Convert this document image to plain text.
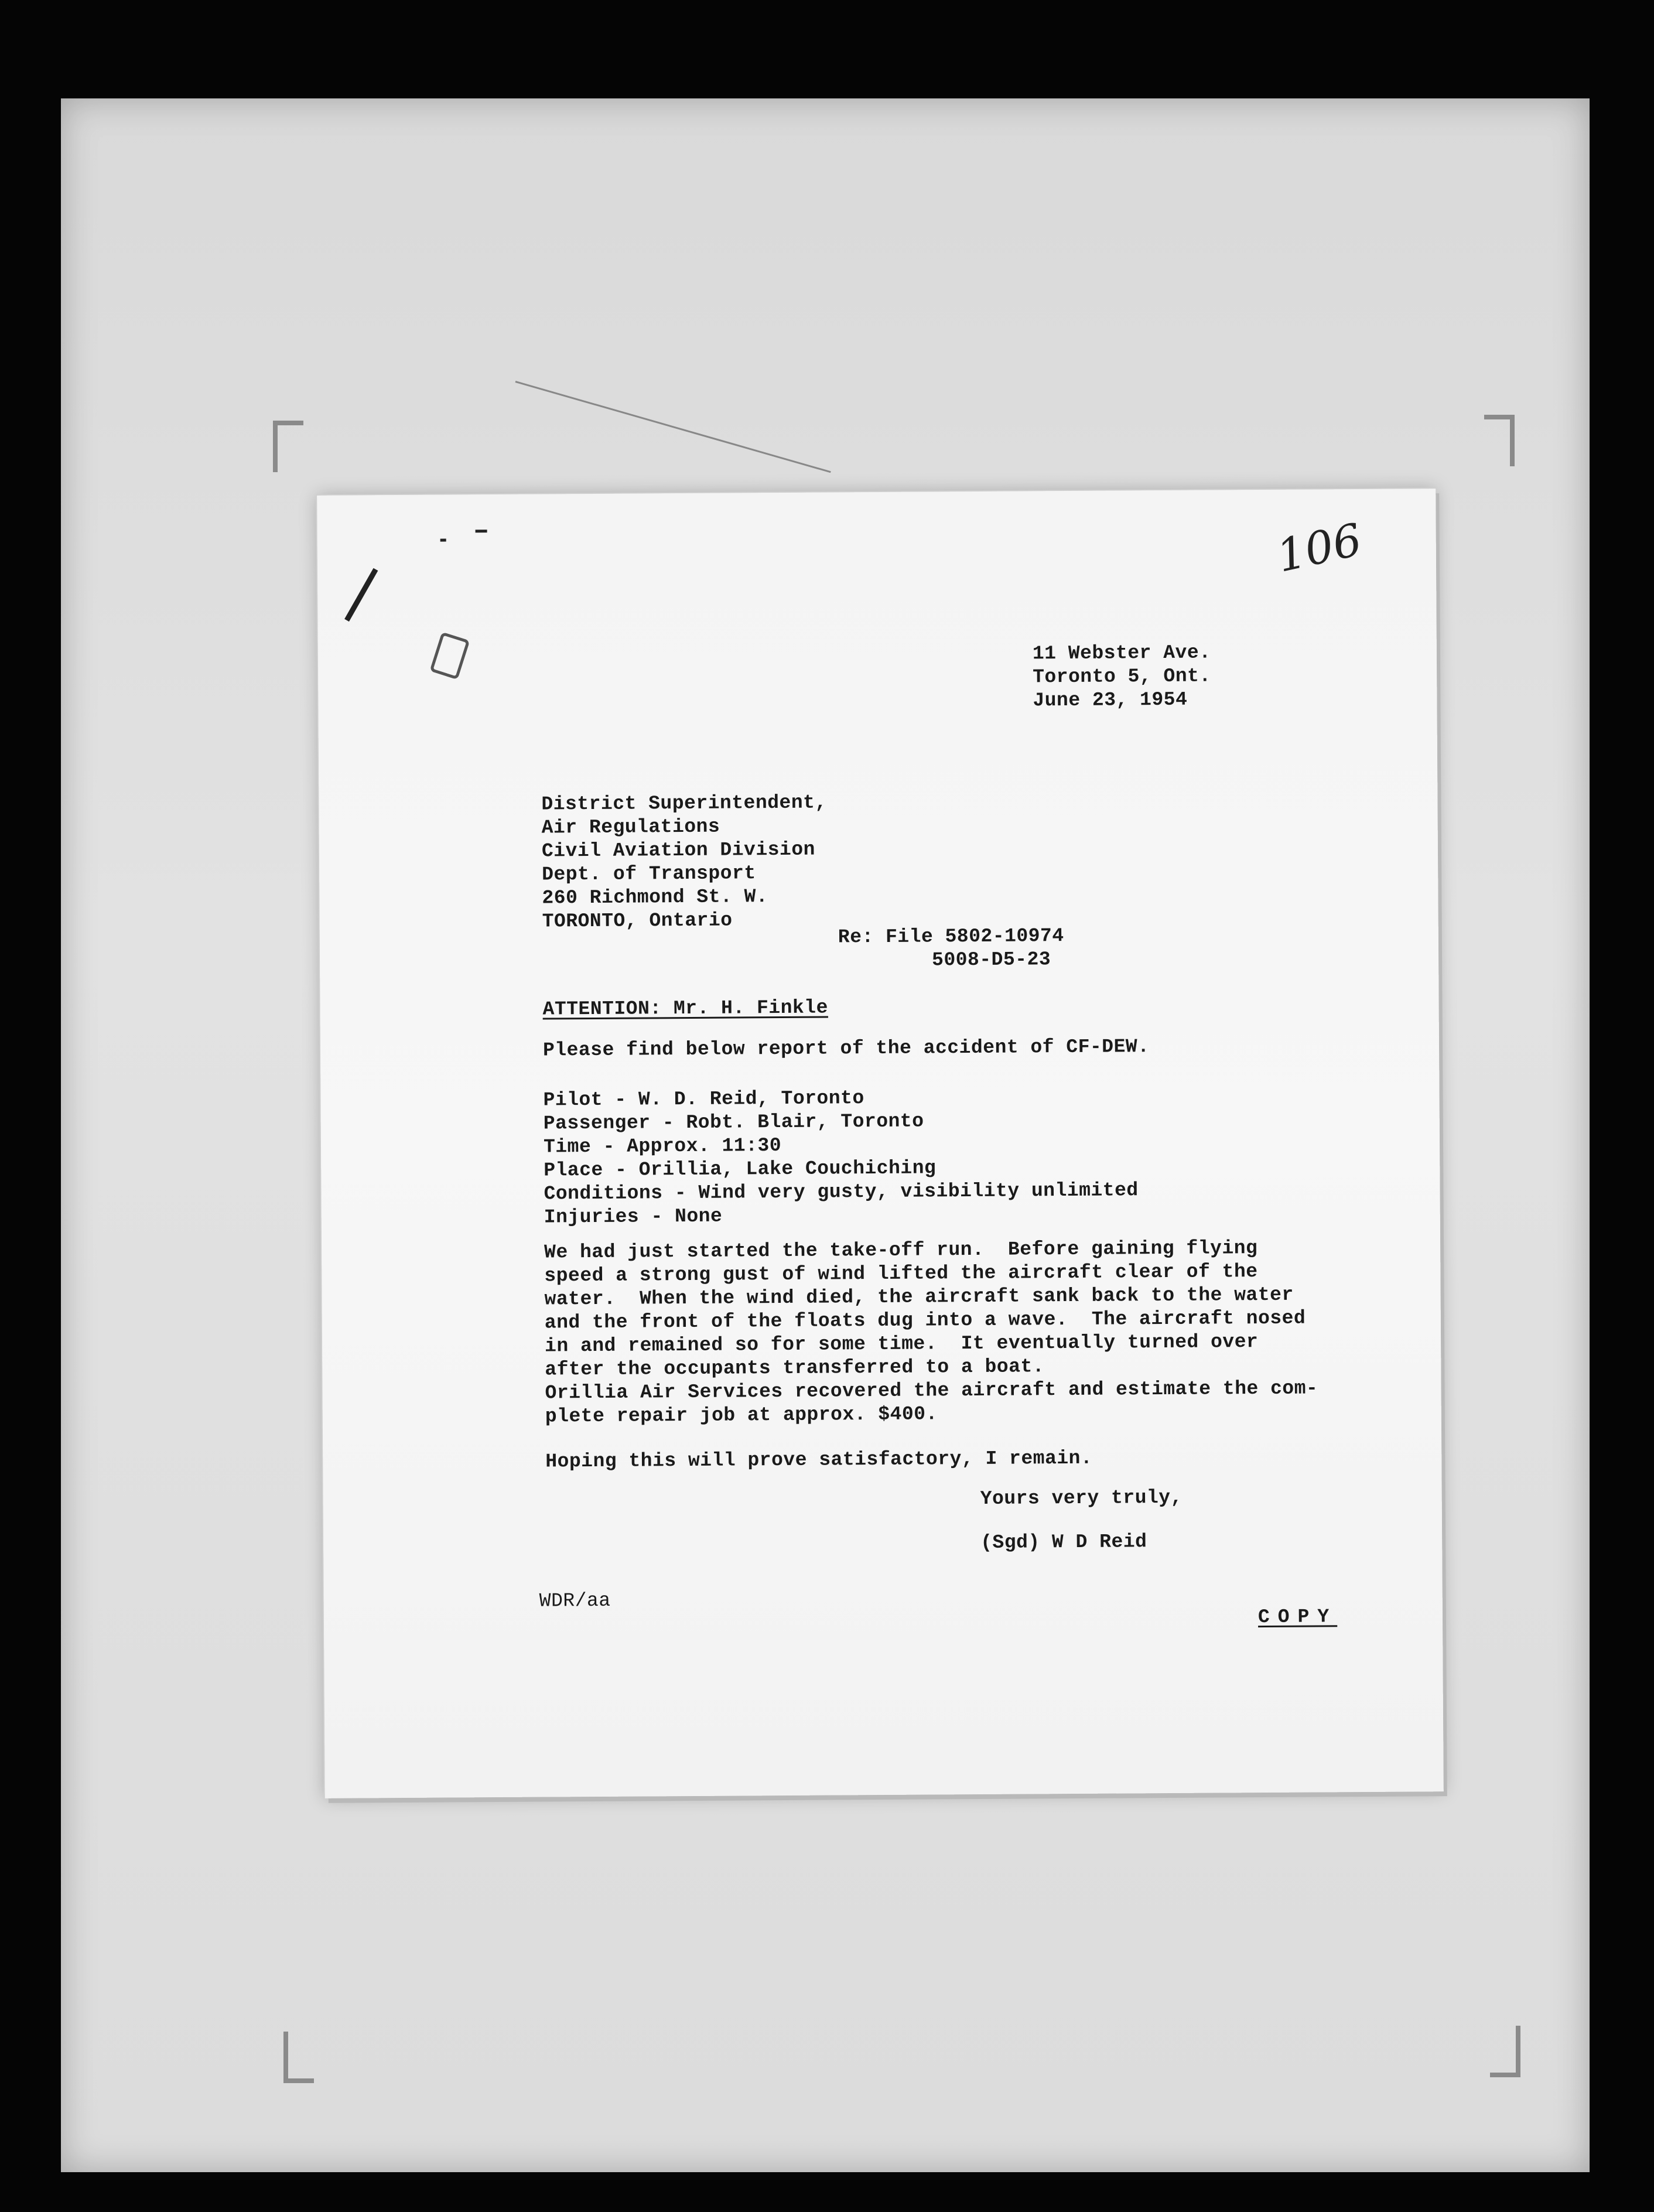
106
11 Webster Ave.
Toronto 5, Ont.
June 23, 1954
District Superintendent,
Air Regulations
Civil Aviation Division
Dept. of Transport
260 Richmond St. W.
TORONTO, Ontario
Re: File 5802-10974
5008-D5-23
ATTENTION: Mr. H. Finkle
Please find below report of the accident of CF-DEW.
Pilot - W. D. Reid, Toronto
Passenger - Robt. Blair, Toronto
Time - Approx. 11:30
Place - Orillia, Lake Couchiching
Conditions - Wind very gusty, visibility unlimited
Injuries - None
We had just started the take-off run.  Before gaining flying
speed a strong gust of wind lifted the aircraft clear of the
water.  When the wind died, the aircraft sank back to the water
and the front of the floats dug into a wave.  The aircraft nosed
in and remained so for some time.  It eventually turned over
after the occupants transferred to a boat.
Orillia Air Services recovered the aircraft and estimate the com-
plete repair job at approx. $400.
Hoping this will prove satisfactory, I remain.
Yours very truly,
(Sgd) W D Reid
WDR/aa
COPY
